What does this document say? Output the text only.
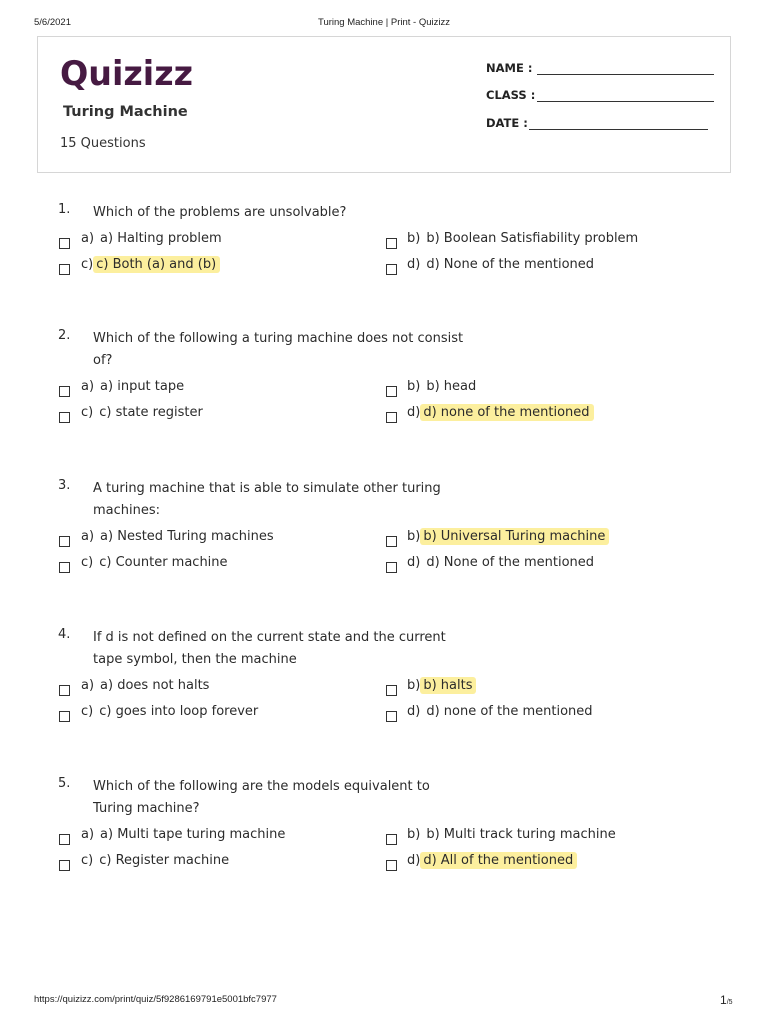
5/6/2021	Turing Machine | Print - Quizizz
Quizizz
Turing Machine
15 Questions
NAME :
CLASS :
DATE :
1. Which of the problems are unsolvable?
a) a) Halting problem	b) b) Boolean Satisfiability problem
c) c) Both (a) and (b)	d) d) None of the mentioned
2. Which of the following a turing machine does not consist of?
a) a) input tape	b) b) head
c) c) state register	d) d) none of the mentioned
3. A turing machine that is able to simulate other turing machines:
a) a) Nested Turing machines	b) b) Universal Turing machine
c) c) Counter machine	d) d) None of the mentioned
4. If d is not defined on the current state and the current tape symbol, then the machine
a) a) does not halts	b) b) halts
c) c) goes into loop forever	d) d) none of the mentioned
5. Which of the following are the models equivalent to Turing machine?
a) a) Multi tape turing machine	b) b) Multi track turing machine
c) c) Register machine	d) d) All of the mentioned
https://quizizz.com/print/quiz/5f9286169791e5001bfc7977	1/5
